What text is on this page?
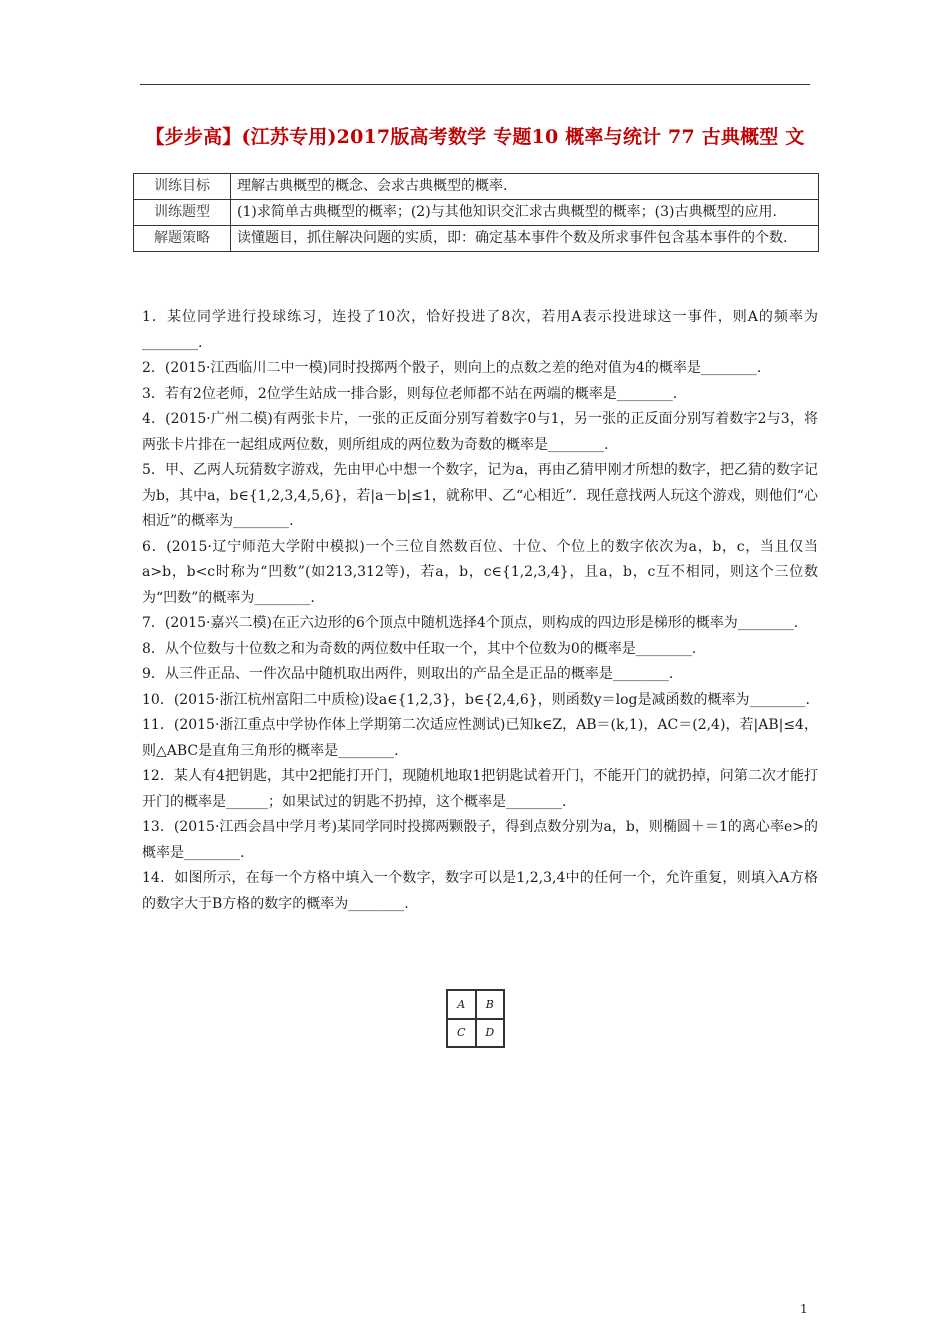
【步步高】(江苏专用)2017版高考数学 专题10 概率与统计 77 古典概型 文
训练目标	理解古典概型的概念、会求古典概型的概率.
训练题型	(1)求简单古典概型的概率；(2)与其他知识交汇求古典概型的概率；(3)古典概型的应用.
解题策略	读懂题目，抓住解决问题的实质，即：确定基本事件个数及所求事件包含基本事件的个数.

1．某位同学进行投球练习，连投了10次，恰好投进了8次，若用A表示投进球这一事件，则A的频率为________.

2．(2015·江西临川二中一模)同时投掷两个骰子，则向上的点数之差的绝对值为4的概率是________.

3．若有2位老师，2位学生站成一排合影，则每位老师都不站在两端的概率是________.

4．(2015·广州二模)有两张卡片，一张的正反面分别写着数字0与1，另一张的正反面分别写着数字2与3，将两张卡片排在一起组成两位数，则所组成的两位数为奇数的概率是________.

5．甲、乙两人玩猜数字游戏，先由甲心中想一个数字，记为a，再由乙猜甲刚才所想的数字，把乙猜的数字记为b，其中a，b∈{1,2,3,4,5,6}，若|a－b|≤1，就称甲、乙“心相近”．现任意找两人玩这个游戏，则他们“心相近”的概率为________.

6．(2015·辽宁师范大学附中模拟)一个三位自然数百位、十位、个位上的数字依次为a，b，c，当且仅当a>b，b<c时称为“凹数”(如213,312等)，若a，b，c∈{1,2,3,4}，且a，b，c互不相同，则这个三位数为“凹数”的概率为________.

7．(2015·嘉兴二模)在正六边形的6个顶点中随机选择4个顶点，则构成的四边形是梯形的概率为________.

8．从个位数与十位数之和为奇数的两位数中任取一个，其中个位数为0的概率是________.

9．从三件正品、一件次品中随机取出两件，则取出的产品全是正品的概率是________.

10．(2015·浙江杭州富阳二中质检)设a∈{1,2,3}，b∈{2,4,6}，则函数y＝log是减函数的概率为________.

11．(2015·浙江重点中学协作体上学期第二次适应性测试)已知k∈Z，AB＝(k,1)，AC＝(2,4)，若|AB|≤4，则△ABC是直角三角形的概率是________.

12．某人有4把钥匙，其中2把能打开门，现随机地取1把钥匙试着开门，不能开门的就扔掉，问第二次才能打开门的概率是______；如果试过的钥匙不扔掉，这个概率是________.

13．(2015·江西会昌中学月考)某同学同时投掷两颗骰子，得到点数分别为a，b，则椭圆＋＝1的离心率e>的概率是________.

14．如图所示，在每一个方格中填入一个数字，数字可以是1,2,3,4中的任何一个，允许重复，则填入A方格的数字大于B方格的数字的概率为________.

A	B
C	D
1
